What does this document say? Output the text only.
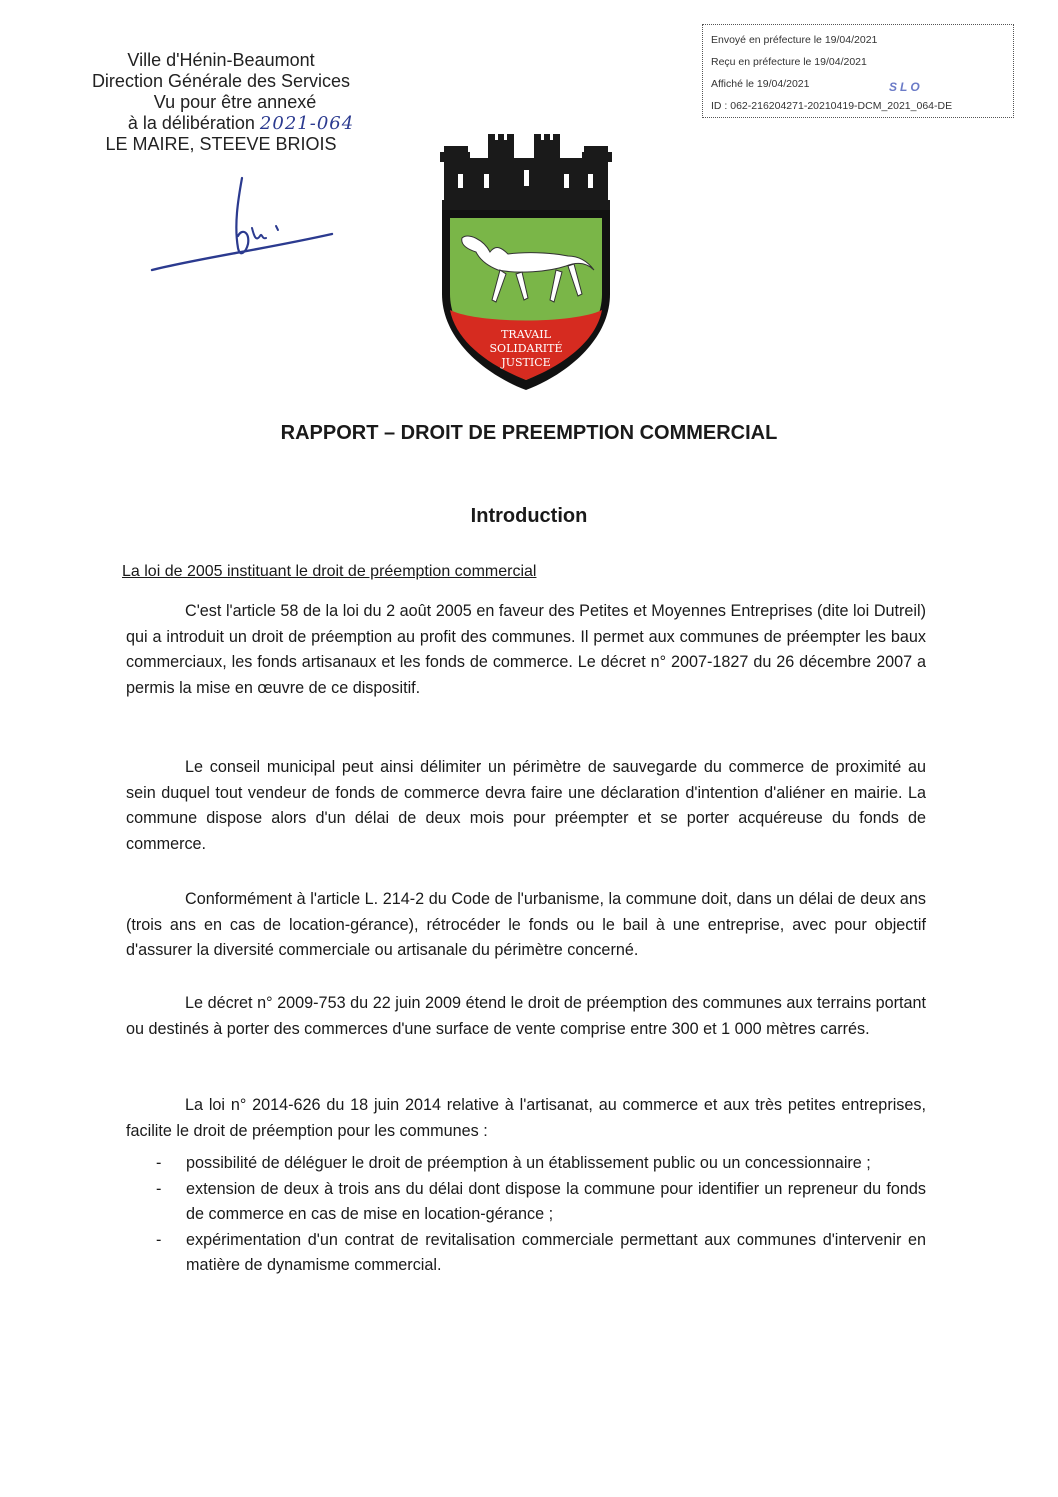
Ville d'Hénin-Beaumont
Direction Générale des Services
Vu pour être annexé
à la délibération 2021-064
LE MAIRE, STEEVE BRIOIS
Envoyé en préfecture le 19/04/2021
Reçu en préfecture le 19/04/2021
Affiché le 19/04/2021	SLO
ID : 062-216204271-20210419-DCM_2021_064-DE
TRAVAIL
SOLIDARITÉ
JUSTICE
RAPPORT – DROIT DE PREEMPTION COMMERCIAL
Introduction
La loi de 2005 instituant le droit de préemption commercial

C'est l'article 58 de la loi du 2 août 2005 en faveur des Petites et Moyennes Entreprises (dite loi Dutreil) qui a introduit un droit de préemption au profit des communes. Il permet aux communes de préempter les baux commerciaux, les fonds artisanaux et les fonds de commerce. Le décret n° 2007-1827 du 26 décembre 2007 a permis la mise en œuvre de ce dispositif.

Le conseil municipal peut ainsi délimiter un périmètre de sauvegarde du commerce de proximité au sein duquel tout vendeur de fonds de commerce devra faire une déclaration d'intention d'aliéner en mairie. La commune dispose alors d'un délai de deux mois pour préempter et se porter acquéreuse du fonds de commerce.

Conformément à l'article L. 214-2 du Code de l'urbanisme, la commune doit, dans un délai de deux ans (trois ans en cas de location-gérance), rétrocéder le fonds ou le bail à une entreprise, avec pour objectif d'assurer la diversité commerciale ou artisanale du périmètre concerné.

Le décret n° 2009-753 du 22 juin 2009 étend le droit de préemption des communes aux terrains portant ou destinés à porter des commerces d'une surface de vente comprise entre 300 et 1 000 mètres carrés.

La loi n° 2014-626 du 18 juin 2014 relative à l'artisanat, au commerce et aux très petites entreprises, facilite le droit de préemption pour les communes :

- possibilité de déléguer le droit de préemption à un établissement public ou un concessionnaire ;
- extension de deux à trois ans du délai dont dispose la commune pour identifier un repreneur du fonds de commerce en cas de mise en location-gérance ;
- expérimentation d'un contrat de revitalisation commerciale permettant aux communes d'intervenir en matière de dynamisme commercial.
